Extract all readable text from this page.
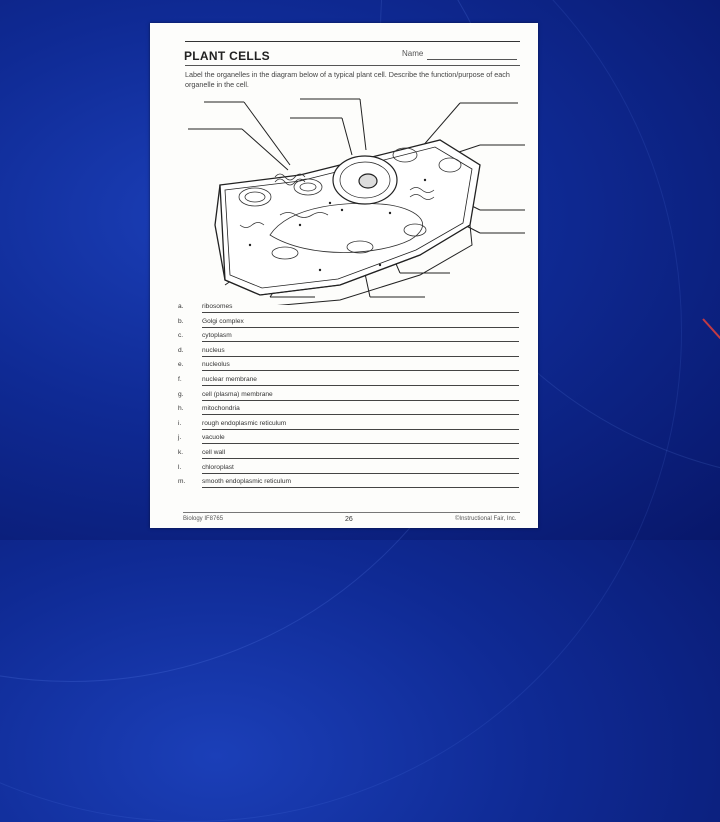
PLANT CELLS	Name
Label the organelles in the diagram below of a typical plant cell. Describe the function/purpose of each organelle in the cell.
a.	ribosomes
b.	Golgi complex
c.	cytoplasm
d.	nucleus
e.	nucleolus
f.	nuclear membrane
g.	cell (plasma) membrane
h.	mitochondria
i.	rough endoplasmic reticulum
j.	vacuole
k.	cell wall
l.	chloroplast
m.	smooth endoplasmic reticulum
Biology IF8765	26	©Instructional Fair, Inc.
